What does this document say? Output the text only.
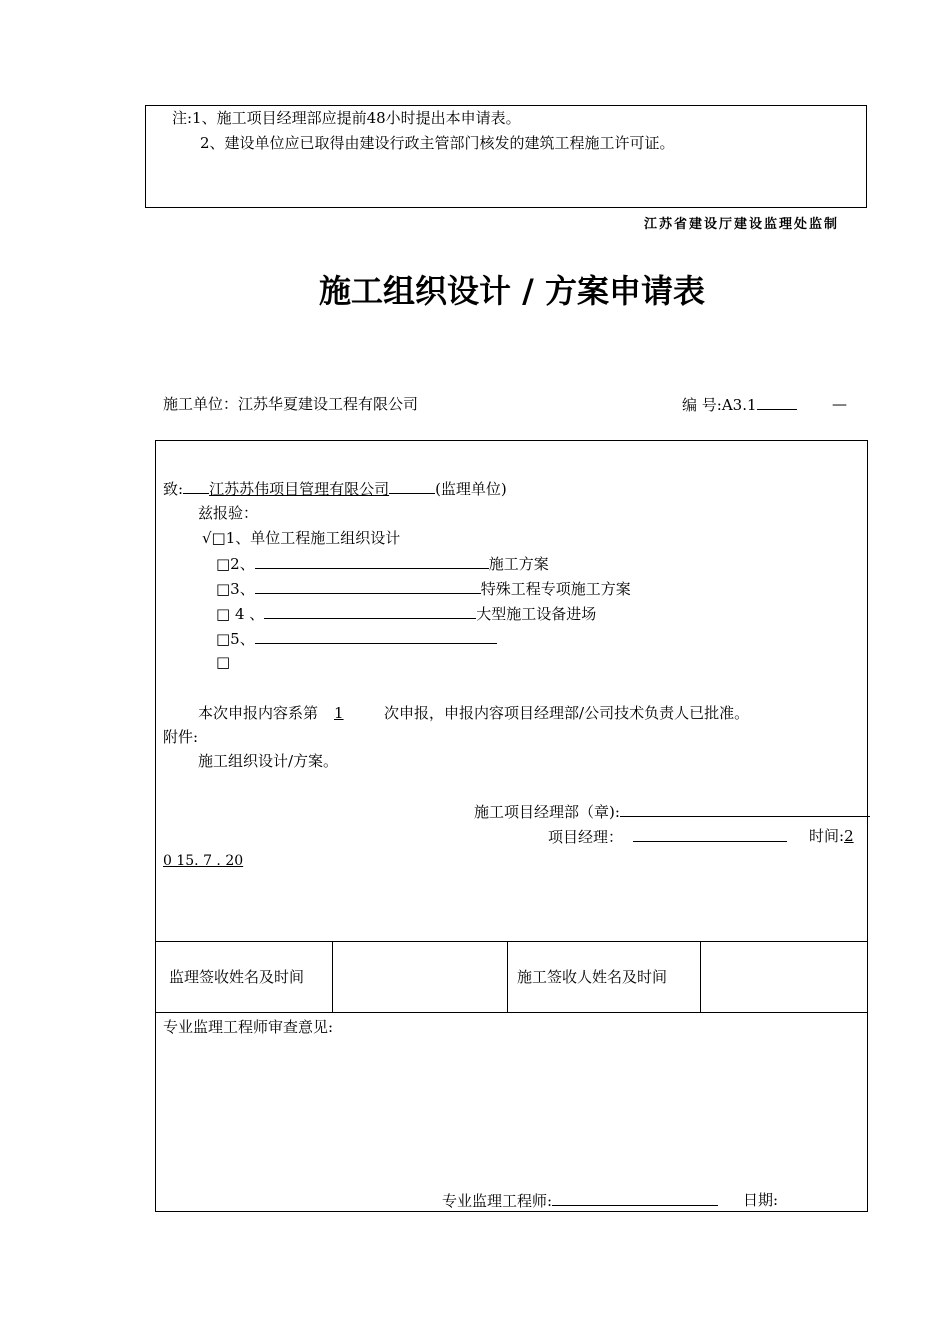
注:1、施工项目经理部应提前48小时提出本申请表。
2、建设单位应已取得由建设行政主管部门核发的建筑工程施工许可证。
江苏省建设厅建设监理处监制
施工组织设计 / 方案申请表
施工单位：江苏华夏建设工程有限公司	编 号:A3.1	—
致: 江苏苏伟项目管理有限公司	(监理单位)
兹报验：
√□1、单位工程施工组织设计
□2、	施工方案
□3、	特殊工程专项施工方案
□ 4 、	大型施工设备进场
□5、
□
本次申报内容系第 1	次申报，申报内容项目经理部/公司技术负责人已批准。
附件:
施工组织设计/方案。
施工项目经理部（章):
项目经理：	时间:2
0 15. 7 . 20
监理签收姓名及时间	施工签收人姓名及时间
专业监理工程师审查意见:
专业监理工程师:	日期:
